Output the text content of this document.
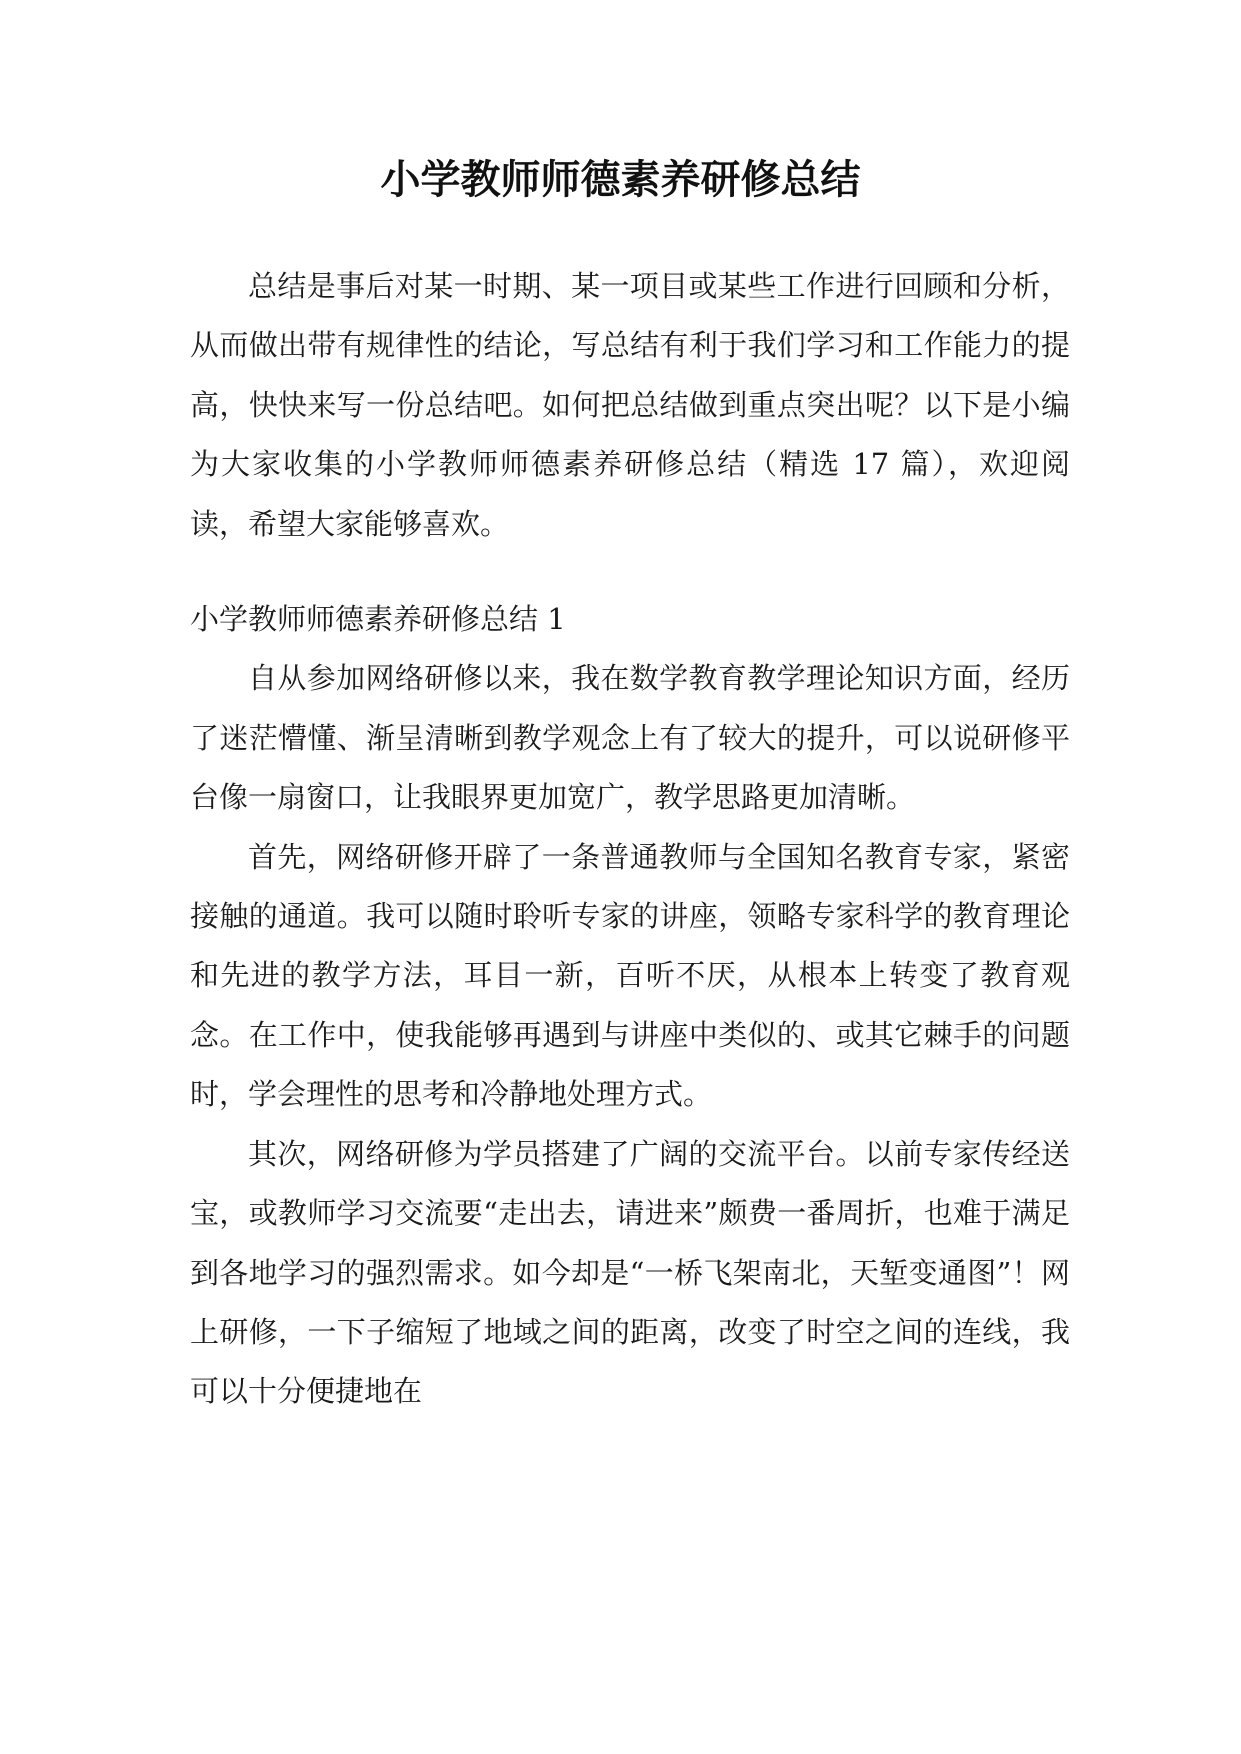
小学教师师德素养研修总结

总结是事后对某一时期、某一项目或某些工作进行回顾和分析，从而做出带有规律性的结论，写总结有利于我们学习和工作能力的提高，快快来写一份总结吧。如何把总结做到重点突出呢？以下是小编为大家收集的小学教师师德素养研修总结（精选 17 篇），欢迎阅读，希望大家能够喜欢。

小学教师师德素养研修总结 1

自从参加网络研修以来，我在数学教育教学理论知识方面，经历了迷茫懵懂、渐呈清晰到教学观念上有了较大的提升，可以说研修平台像一扇窗口，让我眼界更加宽广，教学思路更加清晰。

首先，网络研修开辟了一条普通教师与全国知名教育专家，紧密接触的通道。我可以随时聆听专家的讲座，领略专家科学的教育理论和先进的教学方法，耳目一新，百听不厌，从根本上转变了教育观念。在工作中，使我能够再遇到与讲座中类似的、或其它棘手的问题时，学会理性的思考和冷静地处理方式。

其次，网络研修为学员搭建了广阔的交流平台。以前专家传经送宝，或教师学习交流要“走出去，请进来”颇费一番周折，也难于满足到各地学习的强烈需求。如今却是“一桥飞架南北，天堑变通图”！网上研修，一下子缩短了地域之间的距离，改变了时空之间的连线，我可以十分便捷地在
